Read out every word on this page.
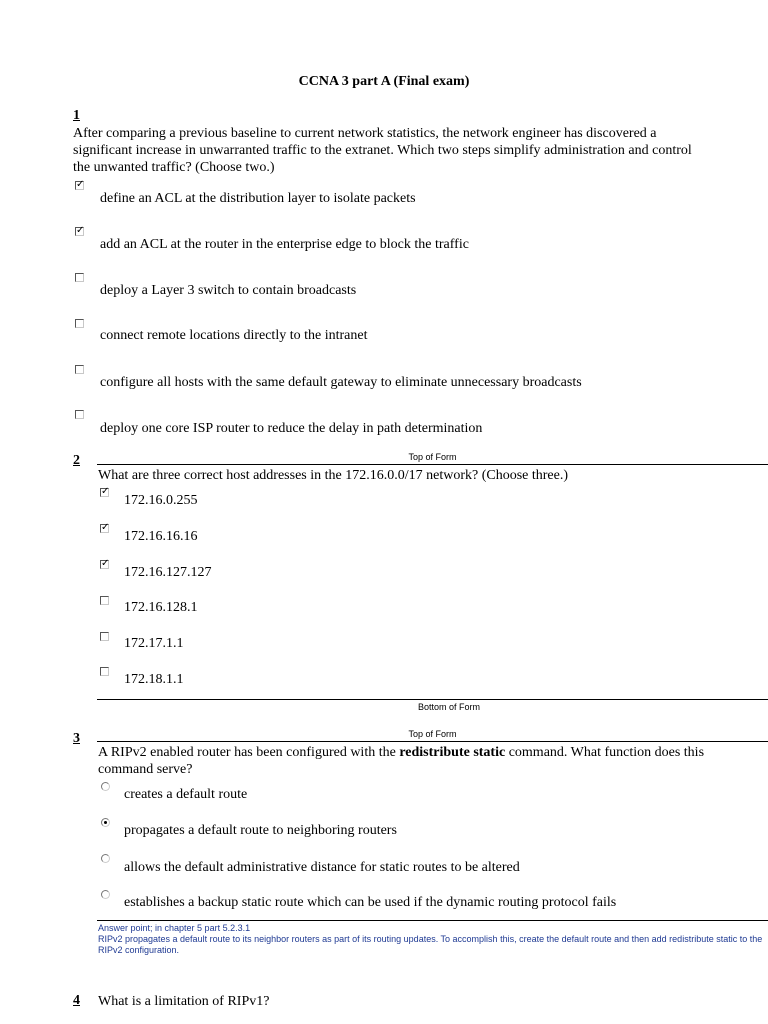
CCNA 3 part A (Final exam)
1
After comparing a previous baseline to current network statistics, the network engineer has discovered a significant increase in unwarranted traffic to the extranet. Which two steps simplify administration and control the unwanted traffic? (Choose two.)
✓
define an ACL at the distribution layer to isolate packets
✓
add an ACL at the router in the enterprise edge to block the traffic
deploy a Layer 3 switch to contain broadcasts
connect remote locations directly to the intranet
configure all hosts with the same default gateway to eliminate unnecessary broadcasts
deploy one core ISP router to reduce the delay in path determination
2	Top of Form
What are three correct host addresses in the 172.16.0.0/17 network? (Choose three.)
✓
172.16.0.255
✓
172.16.16.16
✓
172.16.127.127
172.16.128.1
172.17.1.1
172.18.1.1
Bottom of Form
3	Top of Form
A RIPv2 enabled router has been configured with the redistribute static command. What function does this command serve?
creates a default route
propagates a default route to neighboring routers
allows the default administrative distance for static routes to be altered
establishes a backup static route which can be used if the dynamic routing protocol fails
Answer point; in chapter 5 part 5.2.3.1
RIPv2 propagates a default route to its neighbor routers as part of its routing updates. To accomplish this, create the default route and then add redistribute static to the RIPv2 configuration.
4 What is a limitation of RIPv1?
